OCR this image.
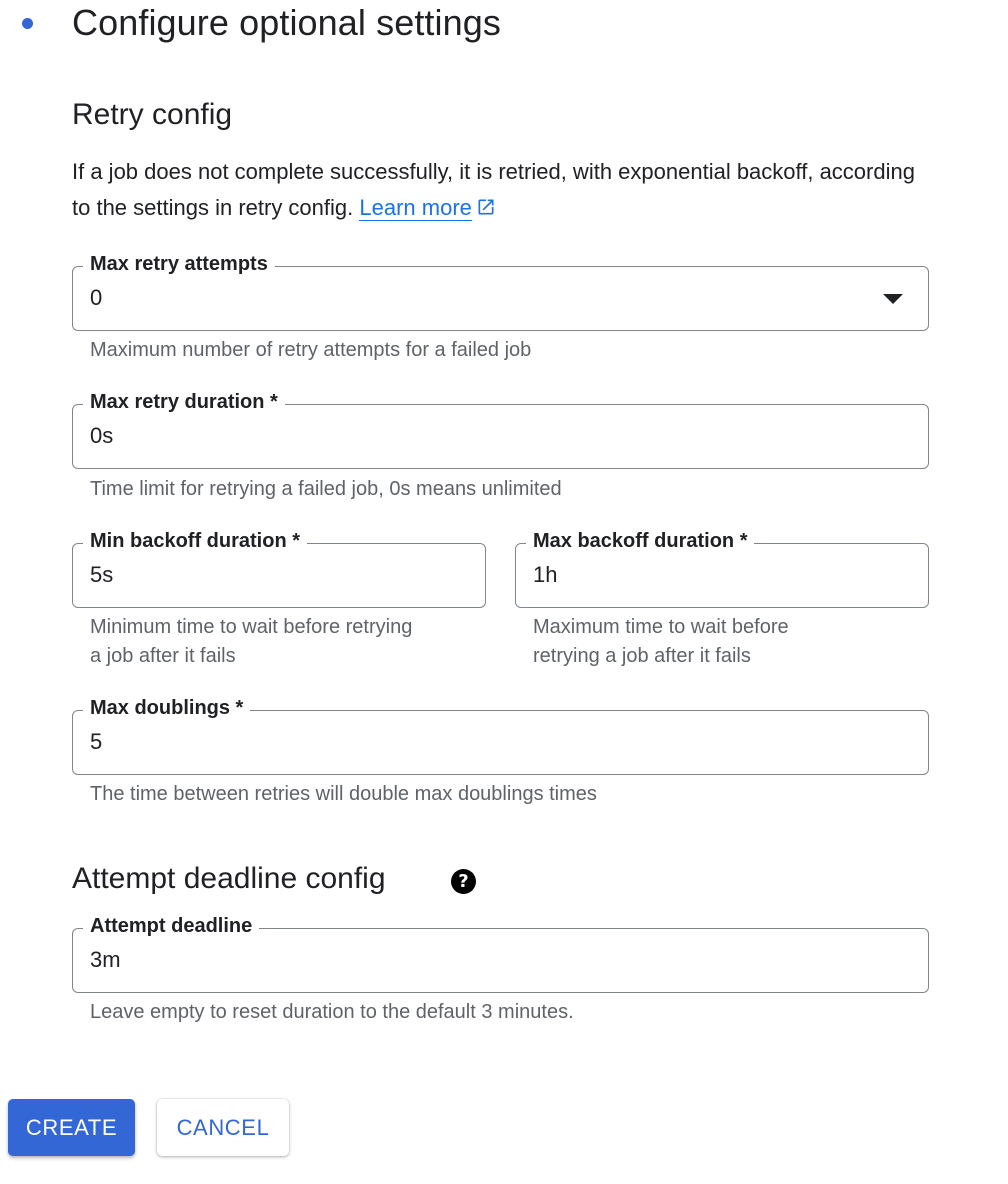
Configure optional settings
Retry config

If a job does not complete successfully, it is retried, with exponential backoff, according to the settings in retry config. Learn more

Max retry attempts
0
Maximum number of retry attempts for a failed job
Max retry duration *
0s
Time limit for retrying a failed job, 0s means unlimited
Min backoff duration *
5s
Minimum time to wait before retrying
a job after it fails
Max backoff duration *
1h
Maximum time to wait before
retrying a job after it fails
Max doublings *
5
The time between retries will double max doublings times
Attempt deadline config	?
Attempt deadline
3m
Leave empty to reset duration to the default 3 minutes.
CREATE	CANCEL
